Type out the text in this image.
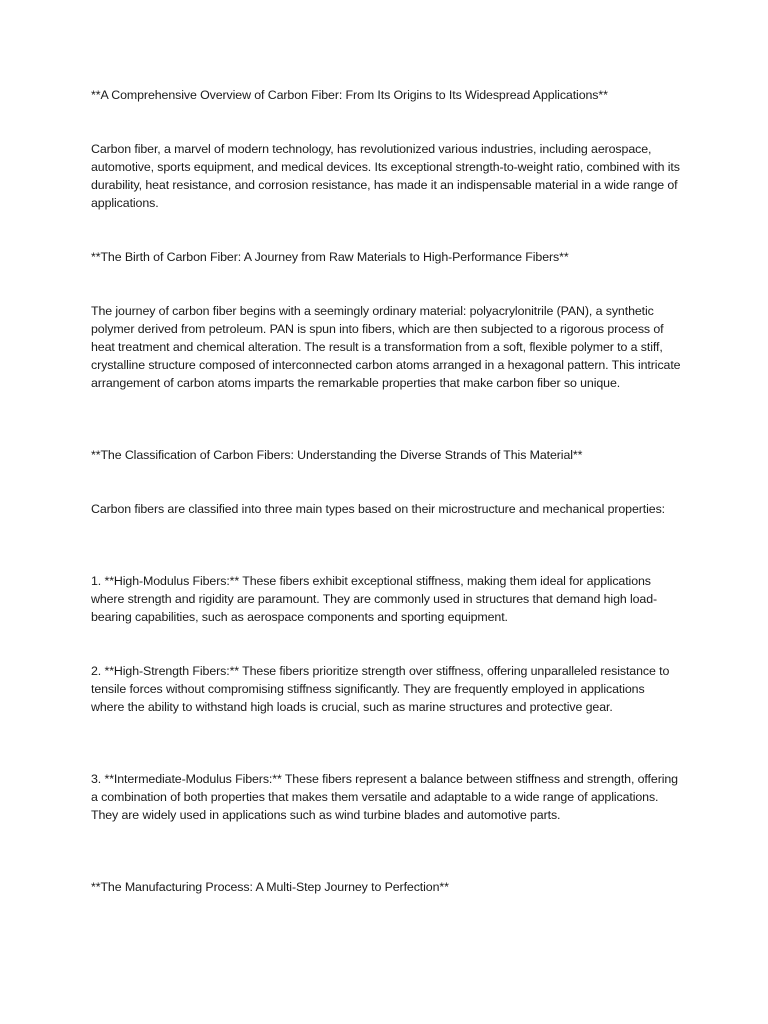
**A Comprehensive Overview of Carbon Fiber: From Its Origins to Its Widespread Applications**

Carbon fiber, a marvel of modern technology, has revolutionized various industries, including aerospace, automotive, sports equipment, and medical devices. Its exceptional strength-to-weight ratio, combined with its durability, heat resistance, and corrosion resistance, has made it an indispensable material in a wide range of applications.

**The Birth of Carbon Fiber: A Journey from Raw Materials to High-Performance Fibers**

The journey of carbon fiber begins with a seemingly ordinary material: polyacrylonitrile (PAN), a synthetic polymer derived from petroleum. PAN is spun into fibers, which are then subjected to a rigorous process of heat treatment and chemical alteration. The result is a transformation from a soft, flexible polymer to a stiff, crystalline structure composed of interconnected carbon atoms arranged in a hexagonal pattern. This intricate arrangement of carbon atoms imparts the remarkable properties that make carbon fiber so unique.

**The Classification of Carbon Fibers: Understanding the Diverse Strands of This Material**

Carbon fibers are classified into three main types based on their microstructure and mechanical properties:

1. **High-Modulus Fibers:** These fibers exhibit exceptional stiffness, making them ideal for applications where strength and rigidity are paramount. They are commonly used in structures that demand high load-bearing capabilities, such as aerospace components and sporting equipment.

2. **High-Strength Fibers:** These fibers prioritize strength over stiffness, offering unparalleled resistance to tensile forces without compromising stiffness significantly. They are frequently employed in applications where the ability to withstand high loads is crucial, such as marine structures and protective gear.

3. **Intermediate-Modulus Fibers:** These fibers represent a balance between stiffness and strength, offering a combination of both properties that makes them versatile and adaptable to a wide range of applications. They are widely used in applications such as wind turbine blades and automotive parts.

**The Manufacturing Process: A Multi-Step Journey to Perfection**
